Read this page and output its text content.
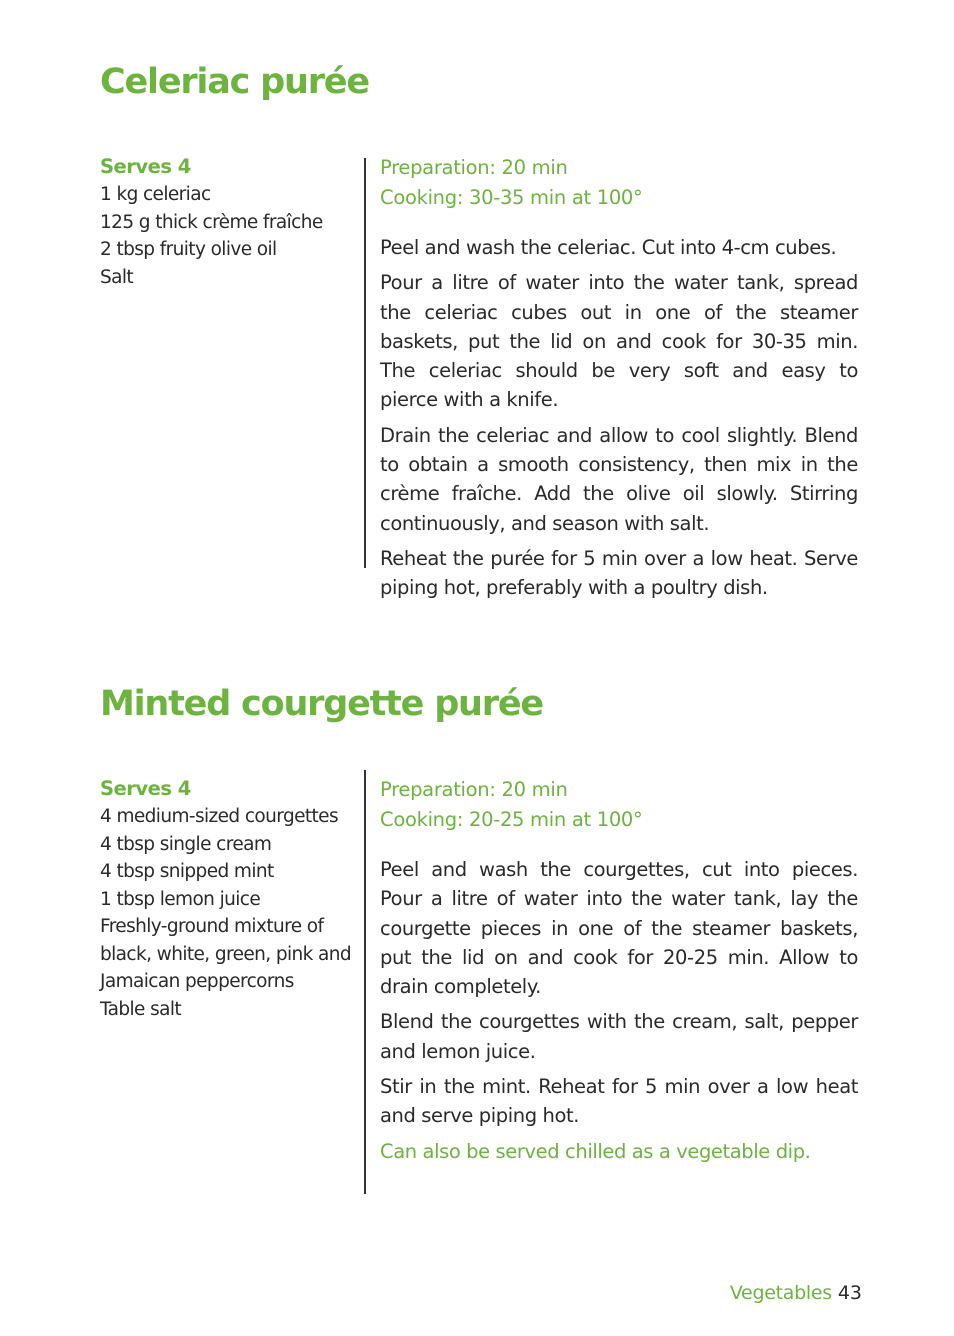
Celeriac purée
Serves 4
1 kg celeriac
125 g thick crème fraîche
2 tbsp fruity olive oil
Salt
Preparation: 20 min
Cooking: 30-35 min at 100°

Peel and wash the celeriac. Cut into 4-cm cubes.

Pour a litre of water into the water tank, spread the celeriac cubes out in one of the steamer baskets, put the lid on and cook for 30-35 min. The celeriac should be very soft and easy to pierce with a knife.

Drain the celeriac and allow to cool slightly. Blend to obtain a smooth consistency, then mix in the crème fraîche. Add the olive oil slowly. Stirring continuously, and season with salt.

Reheat the purée for 5 min over a low heat. Serve piping hot, preferably with a poultry dish.

Minted courgette purée
Serves 4
4 medium-sized courgettes
4 tbsp single cream
4 tbsp snipped mint
1 tbsp lemon juice
Freshly-ground mixture of
black, white, green, pink and
Jamaican peppercorns
Table salt
Preparation: 20 min
Cooking: 20-25 min at 100°

Peel and wash the courgettes, cut into pieces. Pour a litre of water into the water tank, lay the courgette pieces in one of the steamer baskets, put the lid on and cook for 20-25 min. Allow to drain completely.

Blend the courgettes with the cream, salt, pepper and lemon juice.

Stir in the mint. Reheat for 5 min over a low heat and serve piping hot.

Can also be served chilled as a vegetable dip.

Vegetables 43
